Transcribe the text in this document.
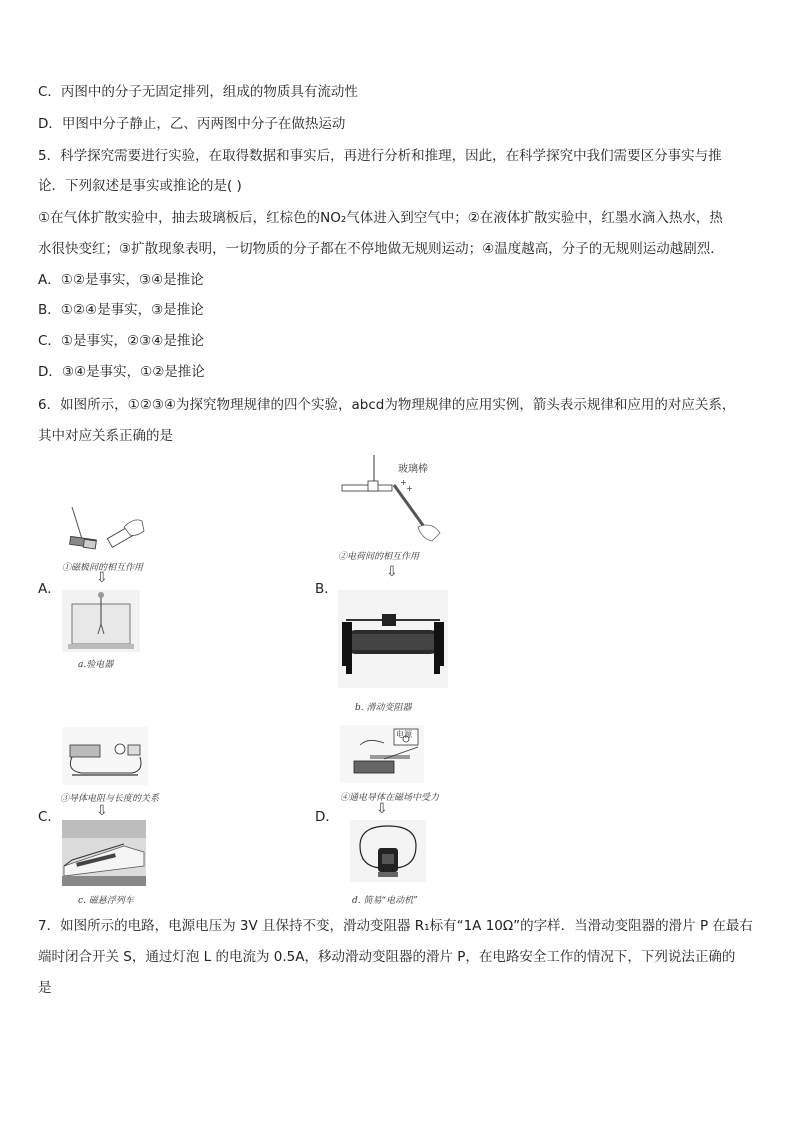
C．丙图中的分子无固定排列，组成的物质具有流动性
D．甲图中分子静止，乙、丙两图中分子在做热运动
5．科学探究需要进行实验，在取得数据和事实后，再进行分析和推理，因此，在科学探究中我们需要区分事实与推
论．下列叙述是事实或推论的是( )
①在气体扩散实验中，抽去玻璃板后，红棕色的NO₂气体进入到空气中；②在液体扩散实验中，红墨水滴入热水，热
水很快变红；③扩散现象表明，一切物质的分子都在不停地做无规则运动；④温度越高，分子的无规则运动越剧烈．
A．①②是事实，③④是推论
B．①②④是事实，③是推论
C．①是事实，②③④是推论
D．③④是事实，①②是推论
6．如图所示，①②③④为探究物理规律的四个实验，abcd为物理规律的应用实例，箭头表示规律和应用的对应关系，
其中对应关系正确的是
A．	B．
C．	D．
①磁极间的相互作用
⇩
a.验电器
+
+
玻璃棒
②电荷间的相互作用
⇩
b. 滑动变阻器
③导体电阻与长度的关系
⇩
c. 磁悬浮列车
电源
④通电导体在磁场中受力
⇩
d. 简易“电动机”
7．如图所示的电路，电源电压为 3V 且保持不变，滑动变阻器 R₁标有“1A 10Ω”的字样．当滑动变阻器的滑片 P 在最右
端时闭合开关 S，通过灯泡 L 的电流为 0.5A，移动滑动变阻器的滑片 P，在电路安全工作的情况下，下列说法正确的
是
